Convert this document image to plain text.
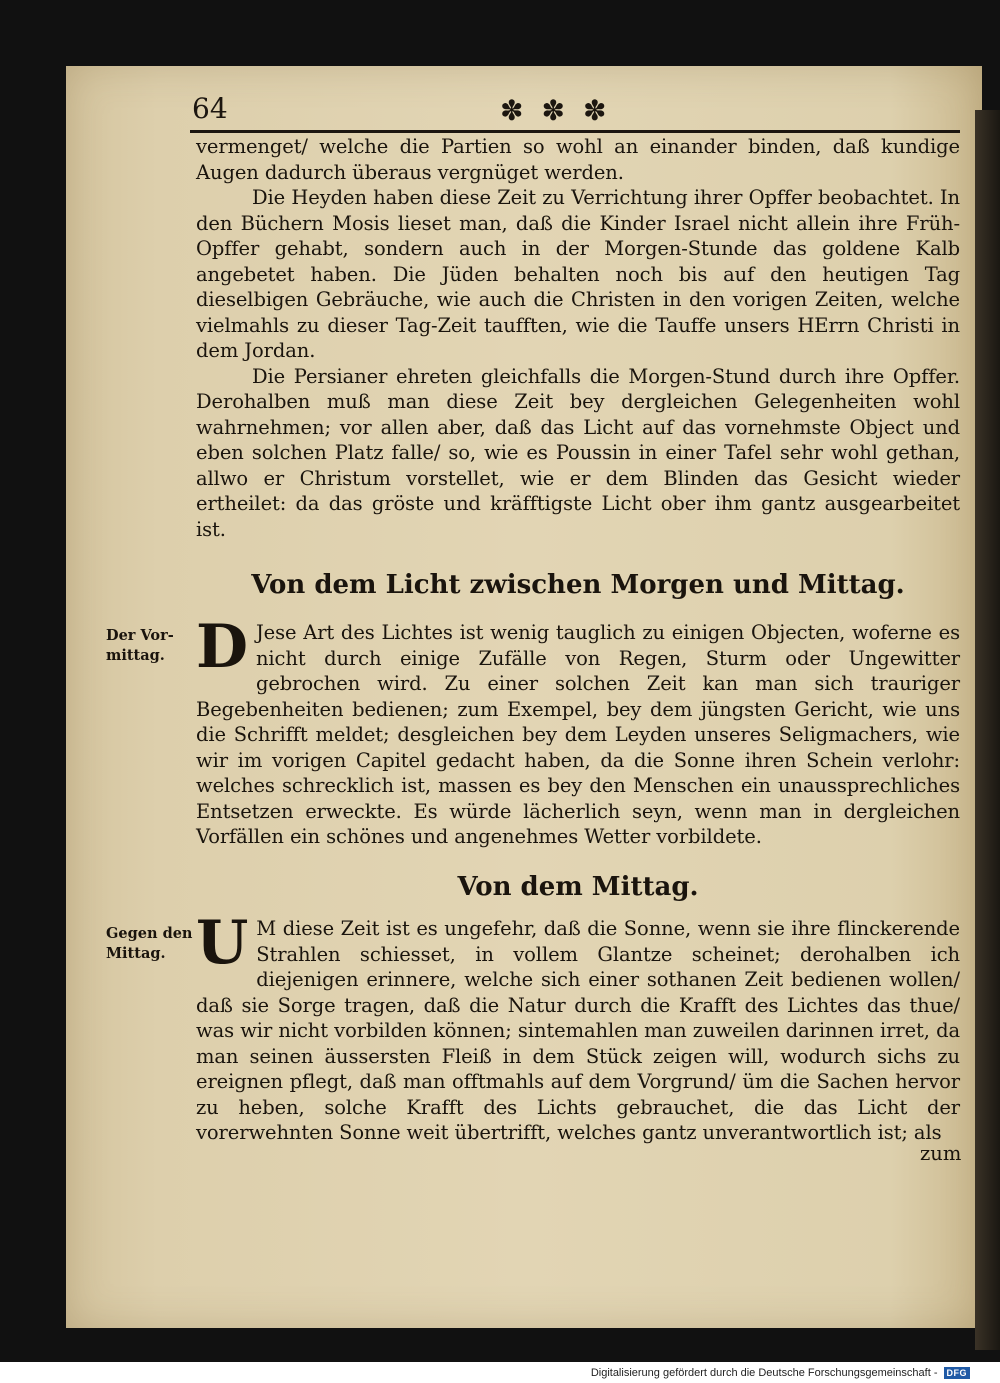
64	✽ ✽ ✽

vermenget/ welche die Partien so wohl an einander binden, daß kundige Augen dadurch überaus vergnüget werden.

Die Heyden haben diese Zeit zu Verrichtung ihrer Opffer beobachtet. In den Büchern Mosis lieset man, daß die Kinder Israel nicht allein ihre Früh-Opffer gehabt, sondern auch in der Morgen-Stunde das goldene Kalb angebetet haben. Die Jüden behalten noch bis auf den heutigen Tag dieselbigen Gebräuche, wie auch die Christen in den vorigen Zeiten, welche vielmahls zu dieser Tag-Zeit taufften, wie die Tauffe unsers HErrn Christi in dem Jordan.

Die Persianer ehreten gleichfalls die Morgen-Stund durch ihre Opffer. Derohalben muß man diese Zeit bey dergleichen Gelegenheiten wohl wahrnehmen; vor allen aber, daß das Licht auf das vornehmste Object und eben solchen Platz falle/ so, wie es Poussin in einer Tafel sehr wohl gethan, allwo er Christum vorstellet, wie er dem Blinden das Gesicht wieder ertheilet: da das gröste und kräfftigste Licht ober ihm gantz ausgearbeitet ist.

Von dem Licht zwischen Morgen und Mittag.
Der Vor-mittag. D Jese Art des Lichtes ist wenig tauglich zu einigen Objecten, woferne es nicht durch einige Zufälle von Regen, Sturm oder Ungewitter gebrochen wird. Zu einer solchen Zeit kan man sich trauriger Begebenheiten bedienen; zum Exempel, bey dem jüngsten Gericht, wie uns die Schrifft meldet; desgleichen bey dem Leyden unseres Seligmachers, wie wir im vorigen Capitel gedacht haben, da die Sonne ihren Schein verlohr: welches schrecklich ist, massen es bey den Menschen ein unaussprechliches Entsetzen erweckte. Es würde lächerlich seyn, wenn man in dergleichen Vorfällen ein schönes und angenehmes Wetter vorbildete.

Von dem Mittag.
Gegen den Mittag. U M diese Zeit ist es ungefehr, daß die Sonne, wenn sie ihre flinckerende Strahlen schiesset, in vollem Glantze scheinet; derohalben ich diejenigen erinnere, welche sich einer sothanen Zeit bedienen wollen/ daß sie Sorge tragen, daß die Natur durch die Krafft des Lichtes das thue/ was wir nicht vorbilden können; sintemahlen man zuweilen darinnen irret, da man seinen äussersten Fleiß in dem Stück zeigen will, wodurch sichs zu ereignen pflegt, daß man offtmahls auf dem Vorgrund/ üm die Sachen hervor zu heben, solche Krafft des Lichts gebrauchet, die das Licht der vorerwehnten Sonne weit übertrifft, welches gantz unverantwortlich ist; als

zum
Digitalisierung gefördert durch die Deutsche Forschungsgemeinschaft -	DFG
